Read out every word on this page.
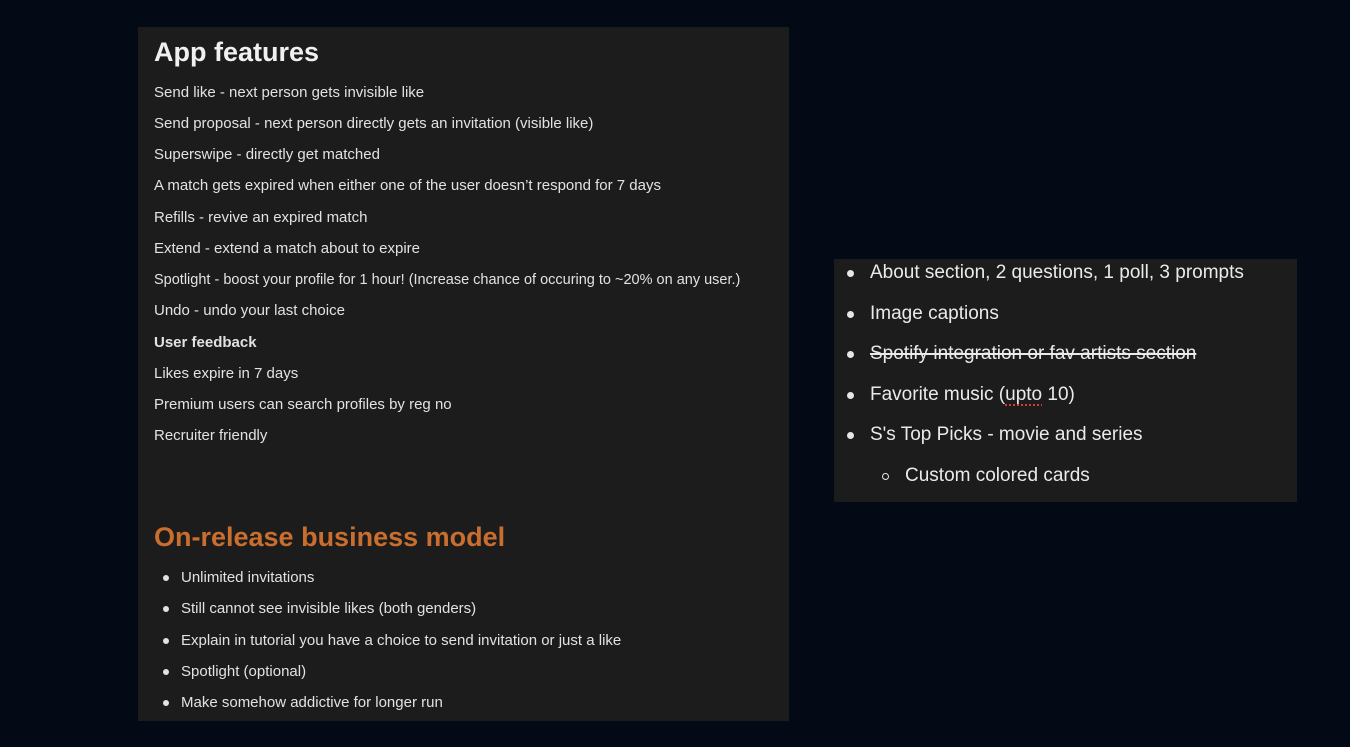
App features
Send like - next person gets invisible like
Send proposal - next person directly gets an invitation (visible like)
Superswipe - directly get matched
A match gets expired when either one of the user doesn’t respond for 7 days
Refills - revive an expired match
Extend - extend a match about to expire
Spotlight - boost your profile for 1 hour! (Increase chance of occuring to ~20% on any user.)
Undo - undo your last choice
User feedback
Likes expire in 7 days
Premium users can search profiles by reg no
Recruiter friendly
On-release business model
Unlimited invitations
Still cannot see invisible likes (both genders)
Explain in tutorial you have a choice to send invitation or just a like
Spotlight (optional)
Make somehow addictive for longer run
About section, 2 questions, 1 poll, 3 prompts
Image captions
Spotify integration or fav artists section
Favorite music (upto 10)
S's Top Picks - movie and series
Custom colored cards
